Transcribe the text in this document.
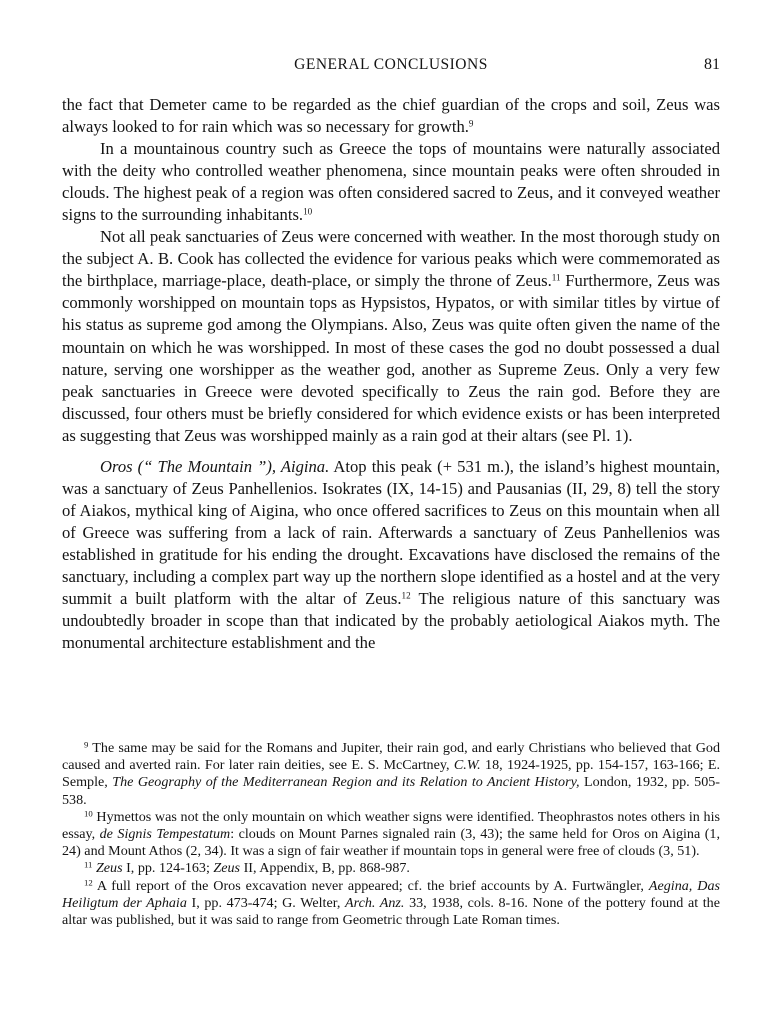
GENERAL CONCLUSIONS	81

the fact that Demeter came to be regarded as the chief guardian of the crops and soil, Zeus was always looked to for rain which was so necessary for growth.$^9$

In a mountainous country such as Greece the tops of mountains were naturally associated with the deity who controlled weather phenomena, since mountain peaks were often shrouded in clouds. The highest peak of a region was often considered sacred to Zeus, and it conveyed weather signs to the surrounding inhabitants.$^{10}$

Not all peak sanctuaries of Zeus were concerned with weather. In the most thorough study on the subject A. B. Cook has collected the evidence for various peaks which were commemorated as the birthplace, marriage-place, death-place, or simply the throne of Zeus.$^{11}$ Furthermore, Zeus was commonly worshipped on mountain tops as Hypsistos, Hypatos, or with similar titles by virtue of his status as supreme god among the Olympians. Also, Zeus was quite often given the name of the mountain on which he was worshipped. In most of these cases the god no doubt possessed a dual nature, serving one worshipper as the weather god, another as Supreme Zeus. Only a very few peak sanctuaries in Greece were devoted specifically to Zeus the rain god. Before they are discussed, four others must be briefly considered for which evidence exists or has been interpreted as suggesting that Zeus was worshipped mainly as a rain god at their altars (see Pl. 1).

Oros (“ The Mountain ”), Aigina. Atop this peak (+ 531 m.), the island’s highest mountain, was a sanctuary of Zeus Panhellenios. Isokrates (IX, 14-15) and Pausanias (II, 29, 8) tell the story of Aiakos, mythical king of Aigina, who once offered sacrifices to Zeus on this mountain when all of Greece was suffering from a lack of rain. Afterwards a sanctuary of Zeus Panhellenios was established in gratitude for his ending the drought. Excavations have disclosed the remains of the sanctuary, including a complex part way up the northern slope identified as a hostel and at the very summit a built platform with the altar of Zeus.$^{12}$ The religious nature of this sanctuary was undoubtedly broader in scope than that indicated by the probably aetiological Aiakos myth. The monumental architecture establishment and the

$^9$ The same may be said for the Romans and Jupiter, their rain god, and early Christians who believed that God caused and averted rain. For later rain deities, see E. S. McCartney, C.W. 18, 1924-1925, pp. 154-157, 163-166; E. Semple, The Geography of the Mediterranean Region and its Relation to Ancient History, London, 1932, pp. 505-538.

$^{10}$ Hymettos was not the only mountain on which weather signs were identified. Theophrastos notes others in his essay, de Signis Tempestatum: clouds on Mount Parnes signaled rain (3, 43); the same held for Oros on Aigina (1, 24) and Mount Athos (2, 34). It was a sign of fair weather if mountain tops in general were free of clouds (3, 51).

$^{11}$ Zeus I, pp. 124-163; Zeus II, Appendix, B, pp. 868-987.

$^{12}$ A full report of the Oros excavation never appeared; cf. the brief accounts by A. Furtwängler, Aegina, Das Heiligtum der Aphaia I, pp. 473-474; G. Welter, Arch. Anz. 33, 1938, cols. 8-16. None of the pottery found at the altar was published, but it was said to range from Geometric through Late Roman times.
